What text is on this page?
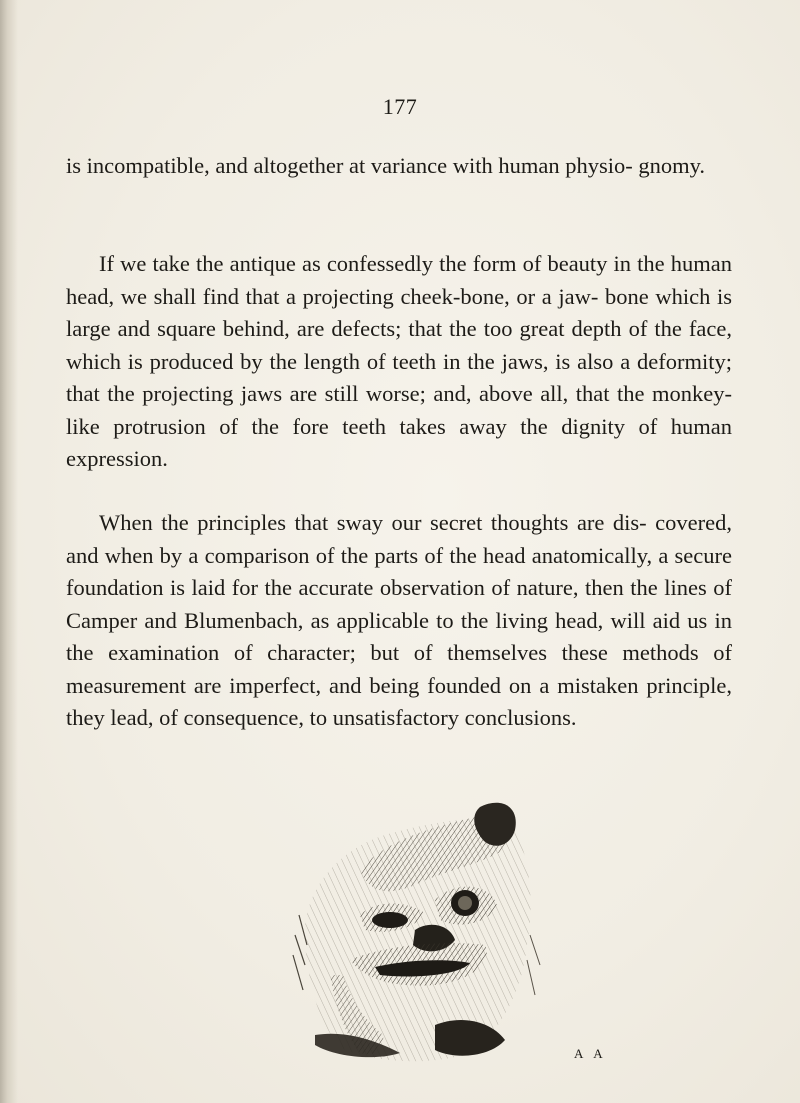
177
is incompatible, and altogether at variance with human physio- gnomy.
If we take the antique as confessedly the form of beauty in the human head, we shall find that a projecting cheek-bone, or a jaw- bone which is large and square behind, are defects; that the too great depth of the face, which is produced by the length of teeth in the jaws, is also a deformity; that the projecting jaws are still worse; and, above all, that the monkey-like protrusion of the fore teeth takes away the dignity of human expression.
When the principles that sway our secret thoughts are dis- covered, and when by a comparison of the parts of the head anatomically, a secure foundation is laid for the accurate observation of nature, then the lines of Camper and Blumenbach, as applicable to the living head, will aid us in the examination of character; but of themselves these methods of measurement are imperfect, and being founded on a mistaken principle, they lead, of consequence, to unsatisfactory conclusions.
A A
